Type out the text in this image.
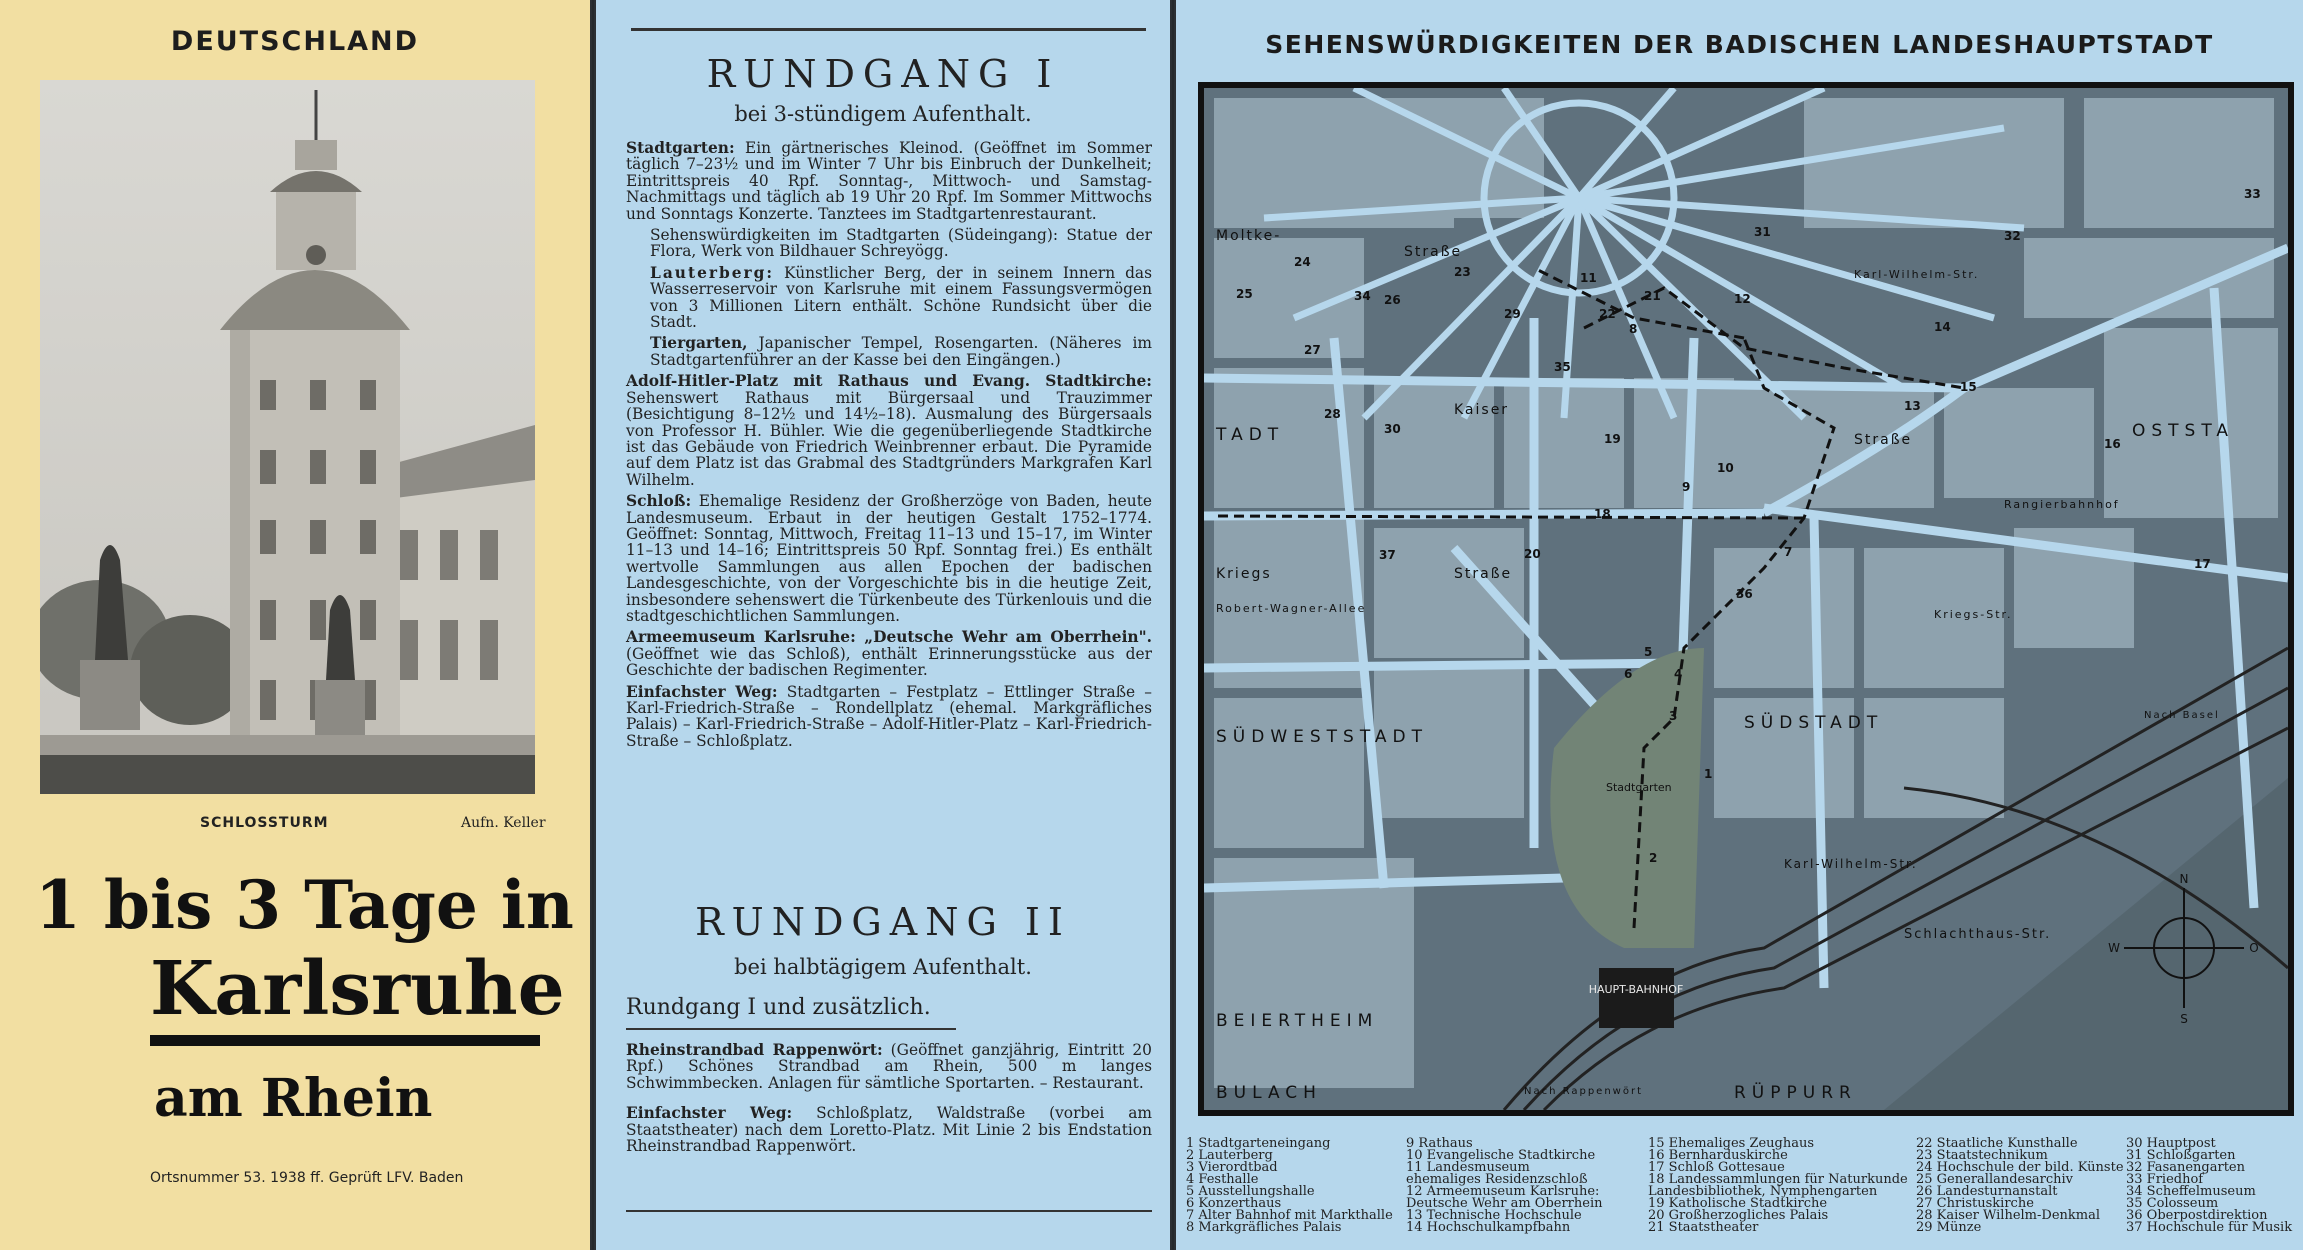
DEUTSCHLAND
SCHLOSSTURM	Aufn. Keller
1 bis 3 Tage in
Karlsruhe
am Rhein
Ortsnummer 53. 1938 ff. Geprüft LFV. Baden
RUNDGANG I
bei 3-stündigem Aufenthalt.

Stadtgarten: Ein gärtnerisches Kleinod. (Geöffnet im Sommer täglich 7–23½ und im Winter 7 Uhr bis Einbruch der Dunkelheit; Eintrittspreis 40 Rpf. Sonntag-, Mittwoch- und Samstag-Nachmittags und täglich ab 19 Uhr 20 Rpf. Im Sommer Mittwochs und Sonntags Konzerte. Tanztees im Stadtgartenrestaurant.

Sehenswürdigkeiten im Stadtgarten (Südeingang): Statue der Flora, Werk von Bildhauer Schreyögg.

Lauterberg: Künstlicher Berg, der in seinem Innern das Wasserreservoir von Karlsruhe mit einem Fassungsvermögen von 3 Millionen Litern enthält. Schöne Rundsicht über die Stadt.

Tiergarten, Japanischer Tempel, Rosengarten. (Näheres im Stadtgartenführer an der Kasse bei den Eingängen.)

Adolf-Hitler-Platz mit Rathaus und Evang. Stadtkirche: Sehenswert Rathaus mit Bürgersaal und Trauzimmer (Besichtigung 8–12½ und 14½–18). Ausmalung des Bürgersaals von Professor H. Bühler. Wie die gegenüberliegende Stadtkirche ist das Gebäude von Friedrich Weinbrenner erbaut. Die Pyramide auf dem Platz ist das Grabmal des Stadtgründers Markgrafen Karl Wilhelm.

Schloß: Ehemalige Residenz der Großherzöge von Baden, heute Landesmuseum. Erbaut in der heutigen Gestalt 1752–1774. Geöffnet: Sonntag, Mittwoch, Freitag 11–13 und 15–17, im Winter 11–13 und 14–16; Eintrittspreis 50 Rpf. Sonntag frei.) Es enthält wertvolle Sammlungen aus allen Epochen der badischen Landesgeschichte, von der Vorgeschichte bis in die heutige Zeit, insbesondere sehenswert die Türkenbeute des Türkenlouis und die stadtgeschichtlichen Sammlungen.

Armeemuseum Karlsruhe: „Deutsche Wehr am Oberrhein". (Geöffnet wie das Schloß), enthält Erinnerungsstücke aus der Geschichte der badischen Regimenter.

Einfachster Weg: Stadtgarten – Festplatz – Ettlinger Straße – Karl-Friedrich-Straße – Rondellplatz (ehemal. Markgräfliches Palais) – Karl-Friedrich-Straße – Adolf-Hitler-Platz – Karl-Friedrich-Straße – Schloßplatz.

RUNDGANG II
bei halbtägigem Aufenthalt.
Rundgang I und zusätzlich.

Rheinstrandbad Rappenwört: (Geöffnet ganzjährig, Eintritt 20 Rpf.) Schönes Strandbad am Rhein, 500 m langes Schwimmbecken. Anlagen für sämtliche Sportarten. – Restaurant.

Einfachster Weg: Schloßplatz, Waldstraße (vorbei am Staatstheater) nach dem Loretto-Platz. Mit Linie 2 bis Endstation Rheinstrandbad Rappenwört.

SEHENSWÜRDIGKEITEN DER BADISCHEN LANDESHAUPTSTADT
HAUPT-BAHNHOF
N
O
S
W
TADT	OSTSTA
SÜDWESTSTADT
SÜDSTADT
BEIERTHEIM
BULACH	RÜPPURR
Stadtgarten
Moltke-
Straße
Kaiser
Straße
Kriegs	Straße
Robert-Wagner-Allee	Kriegs-Str.
Karl-Wilhelm-Str.
Rangierbahnhof
Schlachthaus-Str.
Nach Basel
Nach Rappenwört
Karl-Wilhelm-Str.
1
2
3
4
5
6
7
8
9
10
11
12
13
14
15
16
17
18
19
20
21
22
23
24
25	26
27
28
29
30
31	32
33
34
35
36
37
1 Stadtgarteneingang
2 Lauterberg
3 Vierordtbad
4 Festhalle
5 Ausstellungshalle
6 Konzerthaus
7 Alter Bahnhof mit Markthalle
8 Markgräfliches Palais
9 Rathaus
10 Evangelische Stadtkirche
11 Landesmuseum
ehemaliges Residenzschloß
12 Armeemuseum Karlsruhe:
Deutsche Wehr am Oberrhein
13 Technische Hochschule
14 Hochschulkampfbahn
15 Ehemaliges Zeughaus
16 Bernharduskirche
17 Schloß Gottesaue
18 Landessammlungen für Naturkunde
Landesbibliothek, Nymphengarten
19 Katholische Stadtkirche
20 Großherzogliches Palais
21 Staatstheater
22 Staatliche Kunsthalle
23 Staatstechnikum
24 Hochschule der bild. Künste
25 Generallandesarchiv
26 Landesturnanstalt
27 Christuskirche
28 Kaiser Wilhelm-Denkmal
29 Münze
30 Hauptpost
31 Schloßgarten
32 Fasanengarten
33 Friedhof
34 Scheffelmuseum
35 Colosseum
36 Oberpostdirektion
37 Hochschule für Musik
